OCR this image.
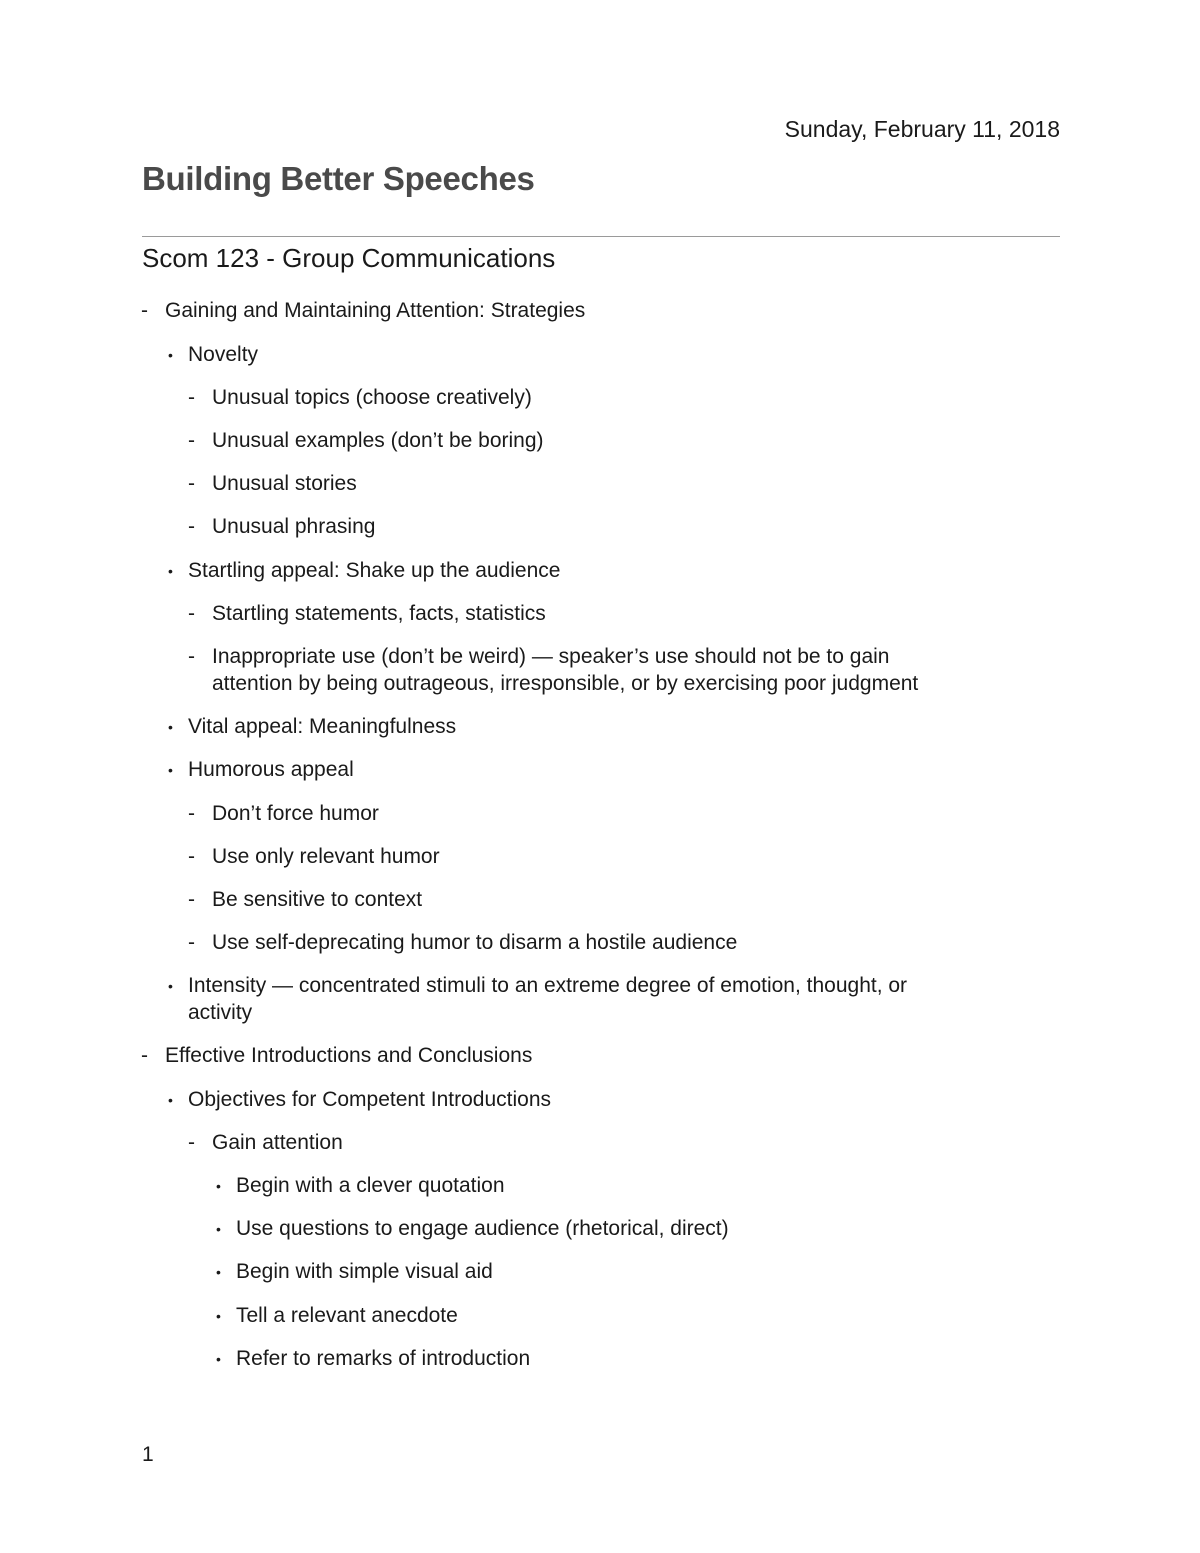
Sunday, February 11, 2018
Building Better Speeches
Scom 123 - Group Communications
- Gaining and Maintaining Attention: Strategies
• Novelty
- Unusual topics (choose creatively)
- Unusual examples (don’t be boring)
- Unusual stories
- Unusual phrasing
• Startling appeal: Shake up the audience
- Startling statements, facts, statistics
- Inappropriate use (don’t be weird) — speaker’s use should not be to gain
attention by being outrageous, irresponsible, or by exercising poor judgment
• Vital appeal: Meaningfulness
• Humorous appeal
- Don’t force humor
- Use only relevant humor
- Be sensitive to context
- Use self-deprecating humor to disarm a hostile audience
• Intensity — concentrated stimuli to an extreme degree of emotion, thought, or
activity
- Effective Introductions and Conclusions
• Objectives for Competent Introductions
- Gain attention
• Begin with a clever quotation
• Use questions to engage audience (rhetorical, direct)
• Begin with simple visual aid
• Tell a relevant anecdote
• Refer to remarks of introduction
1
